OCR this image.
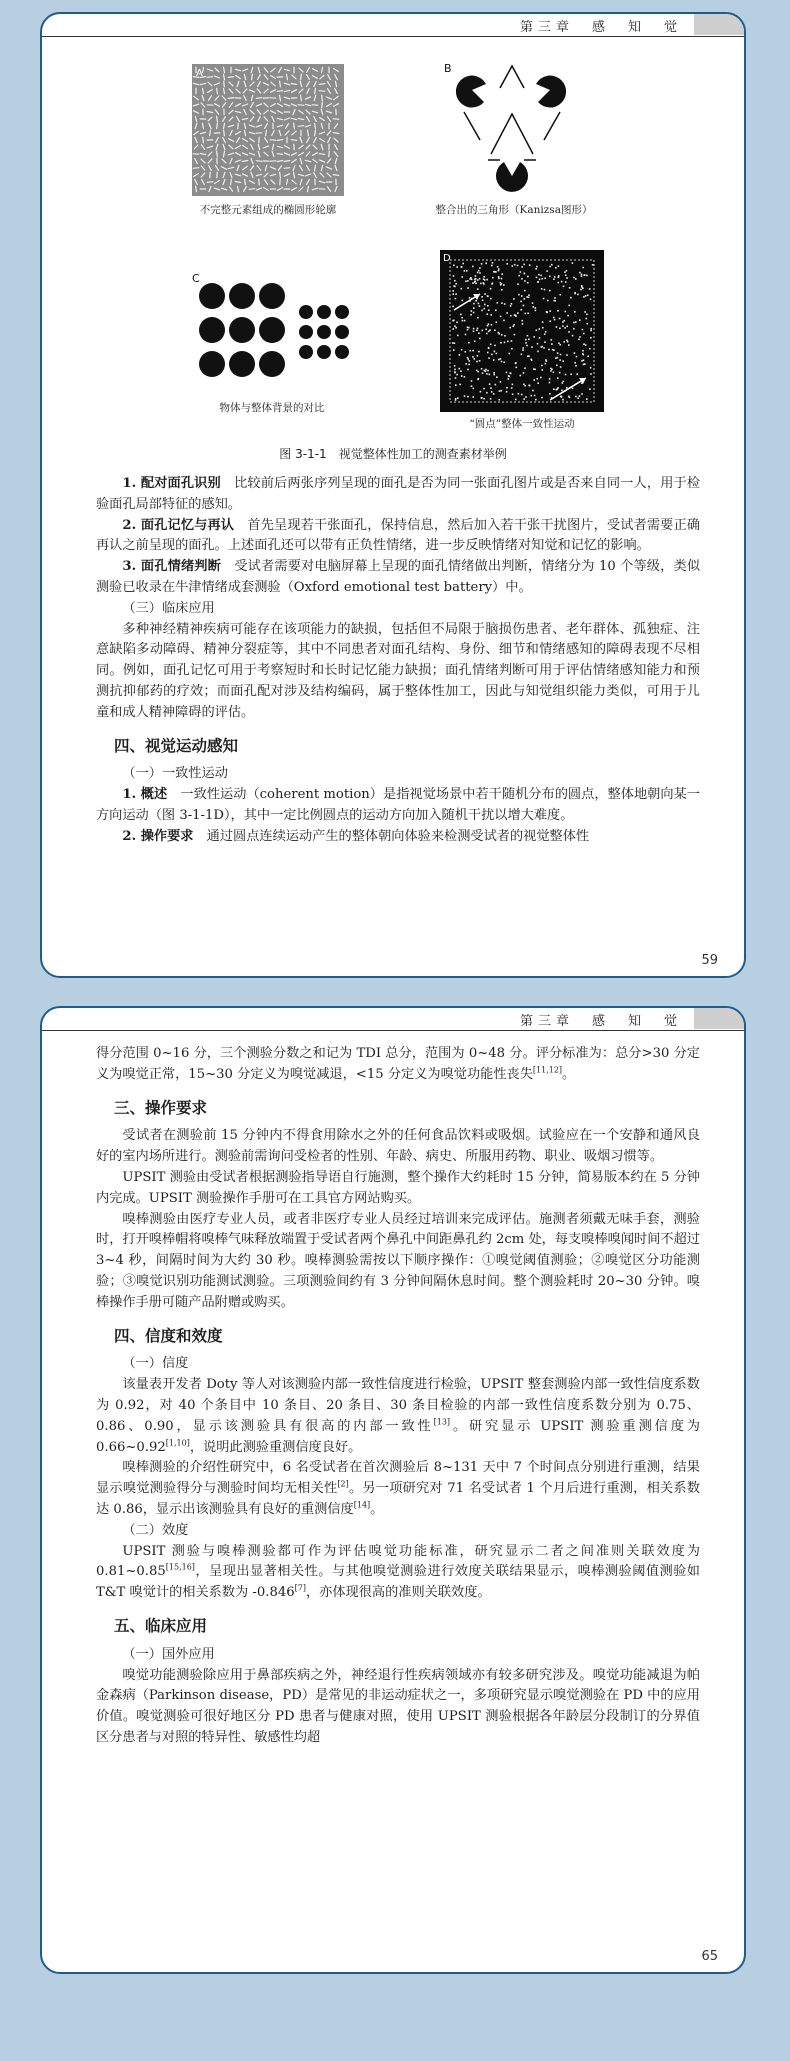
第三章　感　知　觉
A
不完整元素组成的椭圆形轮廓
B
整合出的三角形（Kanizsa图形）
C
物体与整体背景的对比
D
“圆点”整体一致性运动
图 3-1-1 视觉整体性加工的测查素材举例

1. 配对面孔识别　比较前后两张序列呈现的面孔是否为同一张面孔图片或是否来自同一人，用于检验面孔局部特征的感知。

2. 面孔记忆与再认　首先呈现若干张面孔，保持信息，然后加入若干张干扰图片，受试者需要正确再认之前呈现的面孔。上述面孔还可以带有正负性情绪，进一步反映情绪对知觉和记忆的影响。

3. 面孔情绪判断　受试者需要对电脑屏幕上呈现的面孔情绪做出判断，情绪分为 10 个等级，类似测验已收录在牛津情绪成套测验（Oxford emotional test battery）中。

（三）临床应用

多种神经精神疾病可能存在该项能力的缺损，包括但不局限于脑损伤患者、老年群体、孤独症、注意缺陷多动障碍、精神分裂症等，其中不同患者对面孔结构、身份、细节和情绪感知的障碍表现不尽相同。例如，面孔记忆可用于考察短时和长时记忆能力缺损；面孔情绪判断可用于评估情绪感知能力和预测抗抑郁药的疗效；而面孔配对涉及结构编码，属于整体性加工，因此与知觉组织能力类似，可用于儿童和成人精神障碍的评估。

四、视觉运动感知

（一）一致性运动

1. 概述　一致性运动（coherent motion）是指视觉场景中若干随机分布的圆点，整体地朝向某一方向运动（图 3-1-1D），其中一定比例圆点的运动方向加入随机干扰以增大难度。

2. 操作要求　通过圆点连续运动产生的整体朝向体验来检测受试者的视觉整体性

59
第三章　感　知　觉

得分范围 0~16 分，三个测验分数之和记为 TDI 总分，范围为 0~48 分。评分标准为：总分>30 分定义为嗅觉正常，15~30 分定义为嗅觉减退，<15 分定义为嗅觉功能性丧失[11,12]。

三、操作要求

受试者在测验前 15 分钟内不得食用除水之外的任何食品饮料或吸烟。试验应在一个安静和通风良好的室内场所进行。测验前需询问受检者的性别、年龄、病史、所服用药物、职业、吸烟习惯等。

UPSIT 测验由受试者根据测验指导语自行施测，整个操作大约耗时 15 分钟，简易版本约在 5 分钟内完成。UPSIT 测验操作手册可在工具官方网站购买。

嗅棒测验由医疗专业人员，或者非医疗专业人员经过培训来完成评估。施测者须戴无味手套，测验时，打开嗅棒帽将嗅棒气味释放端置于受试者两个鼻孔中间距鼻孔约 2cm 处，每支嗅棒嗅闻时间不超过 3~4 秒，间隔时间为大约 30 秒。嗅棒测验需按以下顺序操作：①嗅觉阈值测验；②嗅觉区分功能测验；③嗅觉识别功能测试测验。三项测验间约有 3 分钟间隔休息时间。整个测验耗时 20~30 分钟。嗅棒操作手册可随产品附赠或购买。

四、信度和效度

（一）信度

该量表开发者 Doty 等人对该测验内部一致性信度进行检验，UPSIT 整套测验内部一致性信度系数为 0.92，对 40 个条目中 10 条目、20 条目、30 条目检验的内部一致性信度系数分别为 0.75、0.86、0.90，显示该测验具有很高的内部一致性[13]。研究显示 UPSIT 测验重测信度为 0.66~0.92[1,10]，说明此测验重测信度良好。

嗅棒测验的介绍性研究中，6 名受试者在首次测验后 8~131 天中 7 个时间点分别进行重测，结果显示嗅觉测验得分与测验时间均无相关性[2]。另一项研究对 71 名受试者 1 个月后进行重测，相关系数达 0.86，显示出该测验具有良好的重测信度[14]。

（二）效度

UPSIT 测验与嗅棒测验都可作为评估嗅觉功能标准，研究显示二者之间准则关联效度为 0.81~0.85[15,16]，呈现出显著相关性。与其他嗅觉测验进行效度关联结果显示，嗅棒测验阈值测验如 T&T 嗅觉计的相关系数为 -0.846[7]，亦体现很高的准则关联效度。

五、临床应用

（一）国外应用

嗅觉功能测验除应用于鼻部疾病之外，神经退行性疾病领域亦有较多研究涉及。嗅觉功能减退为帕金森病（Parkinson disease，PD）是常见的非运动症状之一，多项研究显示嗅觉测验在 PD 中的应用价值。嗅觉测验可很好地区分 PD 患者与健康对照，使用 UPSIT 测验根据各年龄层分段制订的分界值区分患者与对照的特异性、敏感性均超

65
